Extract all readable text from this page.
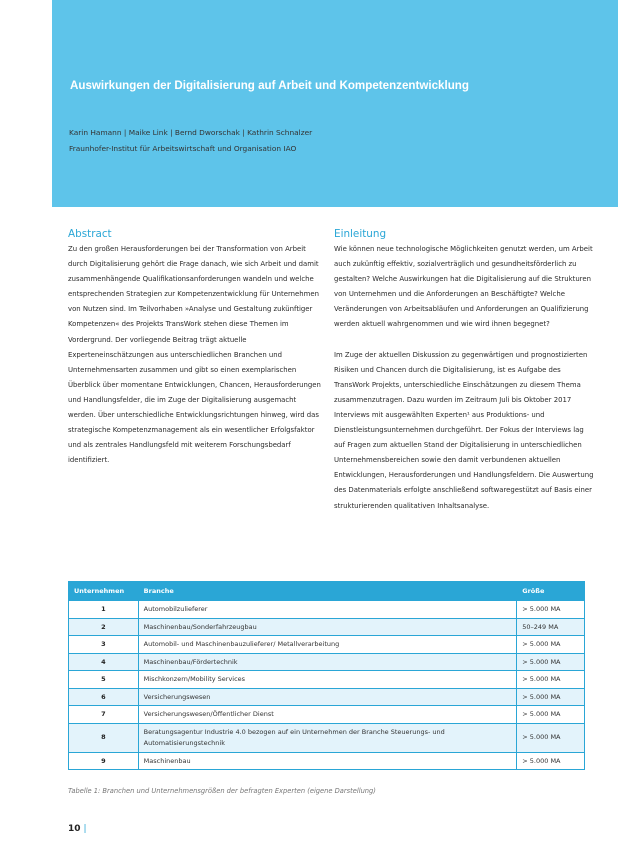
Auswirkungen der Digitalisierung auf Arbeit und Kompetenzentwicklung
Karin Hamann | Maike Link | Bernd Dworschak | Kathrin Schnalzer
Fraunhofer-Institut für Arbeitswirtschaft und Organisation IAO
Abstract

Zu den großen Herausforderungen bei der Transformation von Arbeit durch Digitalisierung gehört die Frage danach, wie sich Arbeit und damit zusammenhängende Qualifikationsanforderungen wandeln und welche entsprechenden Strategien zur Kompetenzentwicklung für Unternehmen von Nutzen sind. Im Teilvorhaben »Analyse und Gestaltung zukünftiger Kompetenzen« des Projekts TransWork stehen diese Themen im Vordergrund. Der vorliegende Beitrag trägt aktuelle Experteneinschätzungen aus unterschiedlichen Branchen und Unternehmensarten zusammen und gibt so einen exemplarischen Überblick über momentane Entwicklungen, Chancen, Herausforderungen und Handlungsfelder, die im Zuge der Digitalisierung ausgemacht werden. Über unterschiedliche Entwicklungsrichtungen hinweg, wird das strategische Kompetenzmanagement als ein wesentlicher Erfolgsfaktor und als zentrales Handlungsfeld mit weiterem Forschungsbedarf identifiziert.

Einleitung

Wie können neue technologische Möglichkeiten genutzt werden, um Arbeit auch zukünftig effektiv, sozialverträglich und gesundheitsförderlich zu gestalten? Welche Auswirkungen hat die Digitalisierung auf die Strukturen von Unternehmen und die Anforderungen an Beschäftigte? Welche Veränderungen von Arbeitsabläufen und Anforderungen an Qualifizierung werden aktuell wahrgenommen und wie wird ihnen begegnet?

Im Zuge der aktuellen Diskussion zu gegenwärtigen und prognostizierten Risiken und Chancen durch die Digitalisierung, ist es Aufgabe des TransWork Projekts, unterschiedliche Einschätzungen zu diesem Thema zusammenzutragen. Dazu wurden im Zeitraum Juli bis Oktober 2017 Interviews mit ausgewählten Experten¹ aus Produktions- und Dienstleistungsunternehmen durchgeführt. Der Fokus der Interviews lag auf Fragen zum aktuellen Stand der Digitalisierung in unterschiedlichen Unternehmensbereichen sowie den damit verbundenen aktuellen Entwicklungen, Herausforderungen und Handlungsfeldern. Die Auswertung des Datenmaterials erfolgte anschließend softwaregestützt auf Basis einer strukturierenden qualitativen Inhaltsanalyse.

Unternehmen	Branche	Größe
1	Automobilzulieferer	> 5.000 MA
2	Maschinenbau/Sonderfahrzeugbau	50–249 MA
3	Automobil- und Maschinenbauzulieferer/ Metallverarbeitung	> 5.000 MA
4	Maschinenbau/Fördertechnik	> 5.000 MA
5	Mischkonzern/Mobility Services	> 5.000 MA
6	Versicherungswesen	> 5.000 MA
7	Versicherungswesen/Öffentlicher Dienst	> 5.000 MA
8	Beratungsagentur Industrie 4.0 bezogen auf ein Unternehmen der Branche Steuerungs- und Automatisierungstechnik	> 5.000 MA
9	Maschinenbau	> 5.000 MA
Tabelle 1: Branchen und Unternehmensgrößen der befragten Experten (eigene Darstellung)
10 |
